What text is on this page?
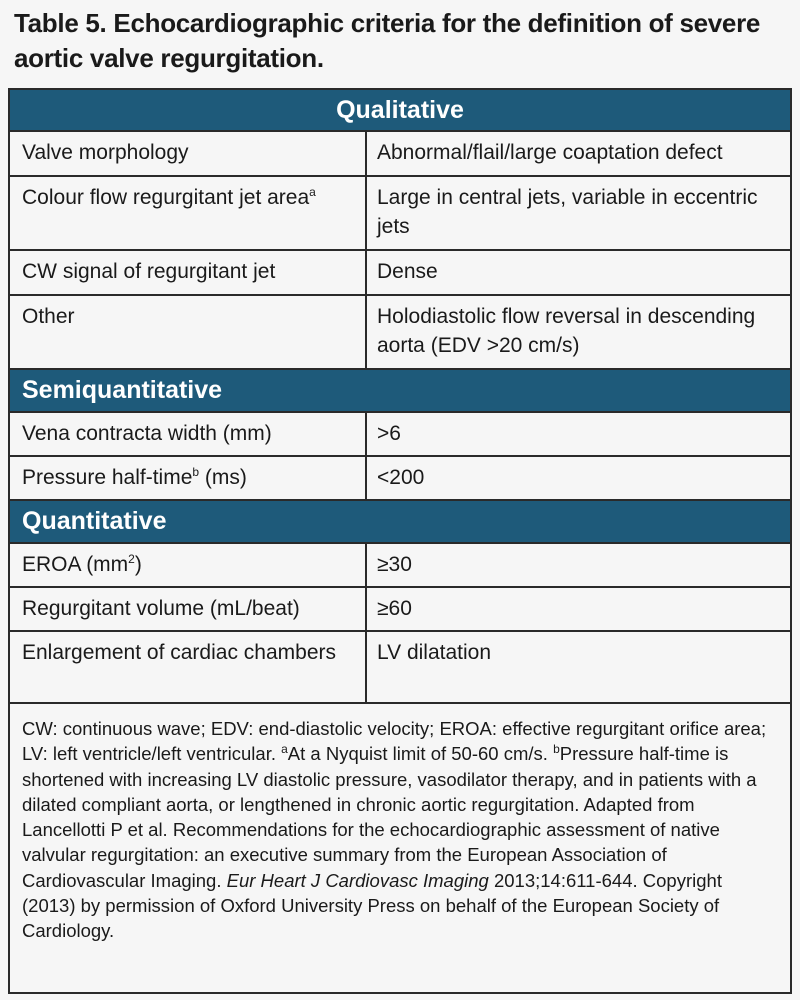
Table 5. Echocardiographic criteria for the definition of severe aortic valve regurgitation.
Qualitative
Valve morphology	Abnormal/flail/large coaptation defect
Colour flow regurgitant jet area$^a$	Large in central jets, variable in eccentric jets
CW signal of regurgitant jet	Dense
Other	Holodiastolic flow reversal in descending aorta (EDV >20 cm/s)
Semiquantitative
Vena contracta width (mm)	>6
Pressure half-time$^b$ (ms)	<200
Quantitative
EROA $(mm^2)$	≥30
Regurgitant volume (mL/beat)	≥60
Enlargement of cardiac chambers	LV dilatation
CW: continuous wave; EDV: end-diastolic velocity; EROA: effective regurgitant orifice area; LV: left ventricle/left ventricular. $^a$At a Nyquist limit of 50-60 cm/s. $^b$Pressure half-time is shortened with increasing LV diastolic pressure, vasodilator therapy, and in patients with a dilated compliant aorta, or lengthened in chronic aortic regurgitation. Adapted from Lancellotti P et al. Recommendations for the echocardiographic assessment of native valvular regurgitation: an executive summary from the European Association of Cardiovascular Imaging. Eur Heart J Cardiovasc Imaging 2013;14:611-644. Copyright (2013) by permission of Oxford University Press on behalf of the European Society of Cardiology.
